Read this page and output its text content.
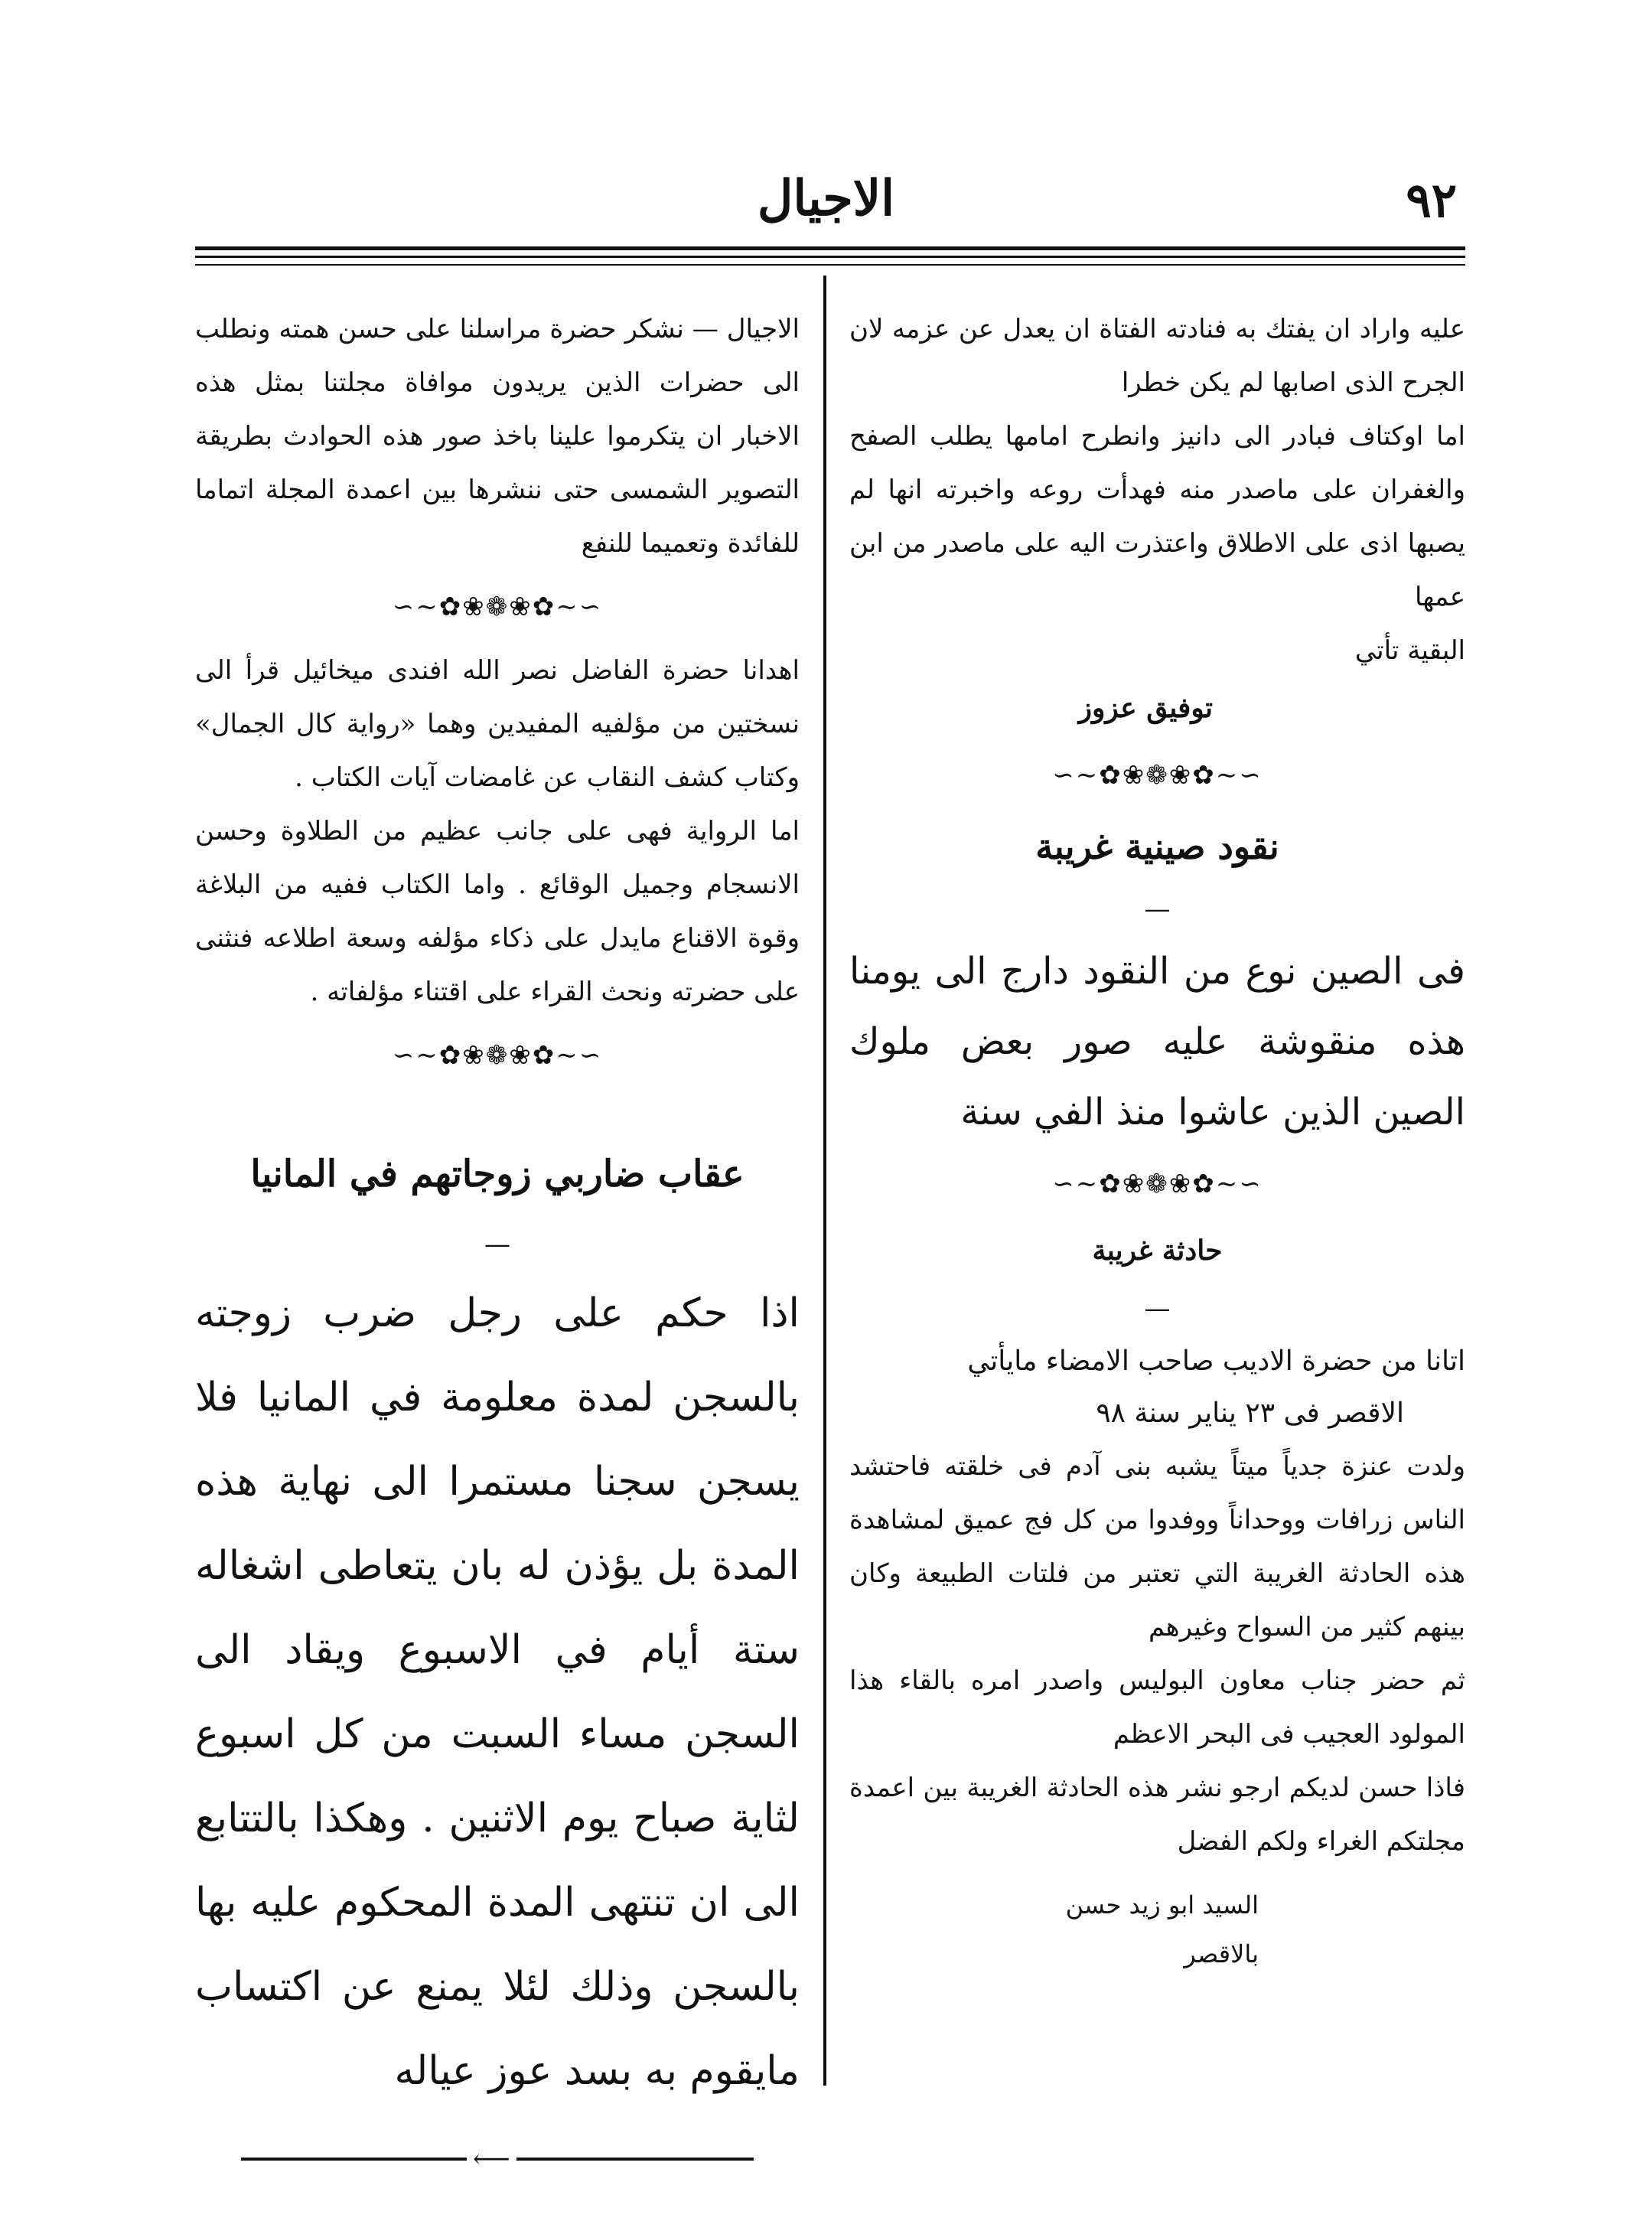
٩٢
الاجيال

عليه واراد ان يفتك به فنادته الفتاة ان يعدل عن عزمه لان الجرح الذى اصابها لم يكن خطرا

اما اوكتاف فبادر الى دانيز وانطرح امامها يطلب الصفح والغفران على ماصدر منه فهدأت روعه واخبرته انها لم يصبها اذى على الاطلاق واعتذرت اليه على ماصدر من ابن عمها

البقية تأتي
توفيق عزوز
∼∽✿❀❁❀✿∽∼
نقود صينية غريبة
—

فى الصين نوع من النقود دارج الى يومنا هذه منقوشة عليه صور بعض ملوك الصين الذين عاشوا منذ الفي سنة

∼∽✿❀❁❀✿∽∼
حادثة غريبة
—

اتانا من حضرة الاديب صاحب الامضاء مايأتي

الاقصر فى ٢٣ يناير سنة ٩٨

ولدت عنزة جدياً ميتاً يشبه بنى آدم فى خلقته فاحتشد الناس زرافات ووحداناً ووفدوا من كل فج عميق لمشاهدة هذه الحادثة الغريبة التي تعتبر من فلتات الطبيعة وكان بينهم كثير من السواح وغيرهم

ثم حضر جناب معاون البوليس واصدر امره بالقاء هذا المولود العجيب فى البحر الاعظم

فاذا حسن لديكم ارجو نشر هذه الحادثة الغريبة بين اعمدة مجلتكم الغراء ولكم الفضل

السيد ابو زيد حسن
بالاقصر

الاجيال — نشكر حضرة مراسلنا على حسن همته ونطلب الى حضرات الذين يريدون موافاة مجلتنا بمثل هذه الاخبار ان يتكرموا علينا باخذ صور هذه الحوادث بطريقة التصوير الشمسى حتى ننشرها بين اعمدة المجلة اتماما للفائدة وتعميما للنفع

∼∽✿❀❁❀✿∽∼

اهدانا حضرة الفاضل نصر الله افندى ميخائيل قرأ الى نسختين من مؤلفيه المفيدين وهما «رواية كال الجمال» وكتاب كشف النقاب عن غامضات آيات الكتاب .

اما الرواية فهى على جانب عظيم من الطلاوة وحسن الانسجام وجميل الوقائع . واما الكتاب ففيه من البلاغة وقوة الاقناع مايدل على ذكاء مؤلفه وسعة اطلاعه فنثنى على حضرته ونحث القراء على اقتناء مؤلفاته .

∼∽✿❀❁❀✿∽∼
عقاب ضاربي زوجاتهم في المانيا
—

اذا حكم على رجل ضرب زوجته بالسجن لمدة معلومة في المانيا فلا يسجن سجنا مستمرا الى نهاية هذه المدة بل يؤذن له بان يتعاطى اشغاله ستة أيام في الاسبوع ويقاد الى السجن مساء السبت من كل اسبوع لثاية صباح يوم الاثنين . وهكذا بالتتابع الى ان تنتهى المدة المحكوم عليه بها بالسجن وذلك لئلا يمنع عن اكتساب مايقوم به بسد عوز عياله

⟵
